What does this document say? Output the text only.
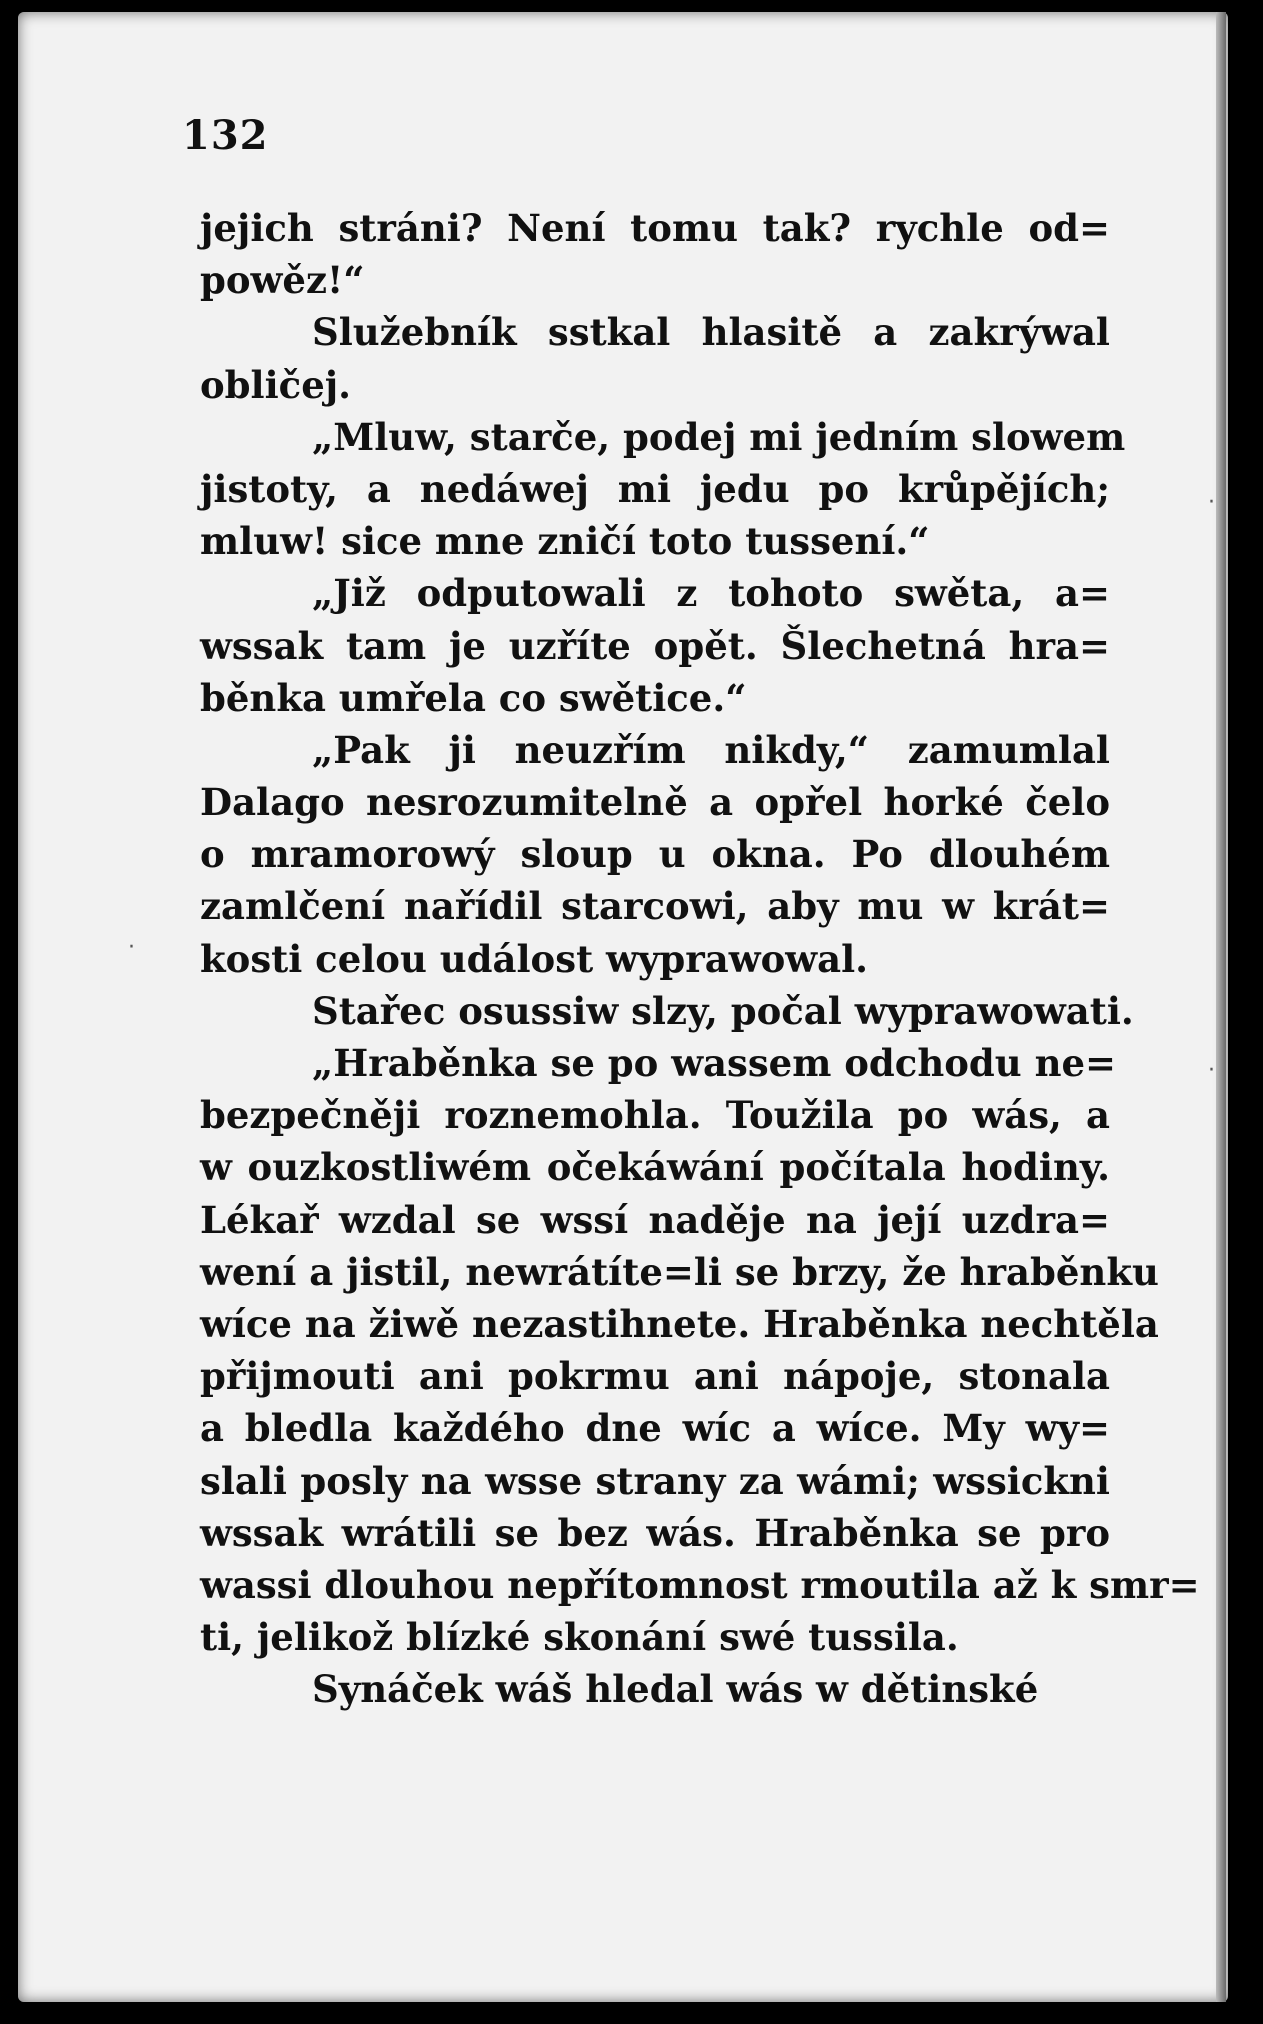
132
jejich stráni? Není tomu tak? rychle od=
powěz!“
Služebník sstkal hlasitě a zakrýwal
obličej.
„Mluw, starče, podej mi jedním slowem
jistoty, a nedáwej mi jedu po krůpějích;
mluw! sice mne zničí toto tussení.“
„Již odputowali z tohoto swěta, a=
wssak tam je uzříte opět. Šlechetná hra=
běnka umřela co swětice.“
„Pak ji neuzřím nikdy,“ zamumlal
Dalago nesrozumitelně a opřel horké čelo
o mramorowý sloup u okna. Po dlouhém
zamlčení nařídil starcowi, aby mu w krát=
kosti celou událost wyprawowal.
Stařec osussiw slzy, počal wyprawowati.
„Hraběnka se po wassem odchodu ne=
bezpečněji roznemohla. Toužila po wás, a
w ouzkostliwém očekáwání počítala hodiny.
Lékař wzdal se wssí naděje na její uzdra=
wení a jistil, newrátíte=li se brzy, že hraběnku
wíce na žiwě nezastihnete. Hraběnka nechtěla
přijmouti ani pokrmu ani nápoje, stonala
a bledla každého dne wíc a wíce. My wy=
slali posly na wsse strany za wámi; wssickni
wssak wrátili se bez wás. Hraběnka se pro
wassi dlouhou nepřítomnost rmoutila až k smr=
ti, jelikož blízké skonání swé tussila.
Synáček wáš hledal wás w dětinské
·
·
·
